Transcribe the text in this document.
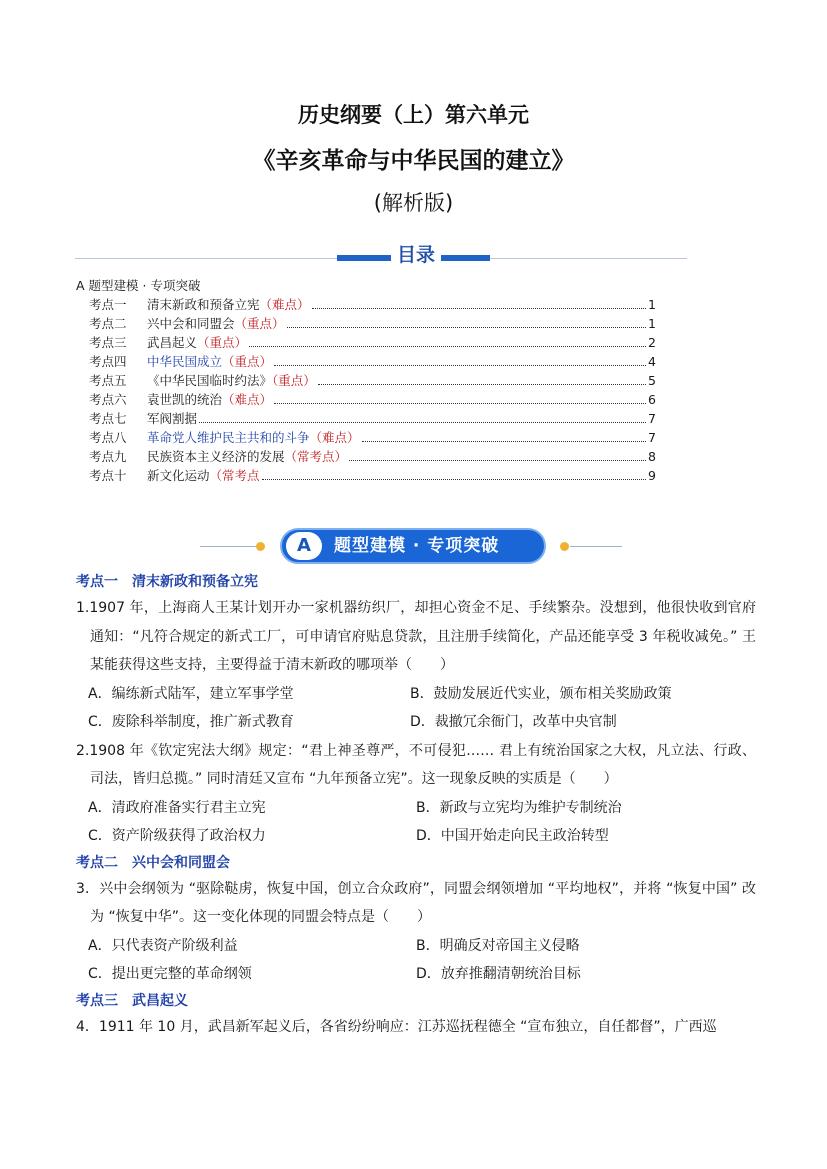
历史纲要（上）第六单元
《辛亥革命与中华民国的建立》
(解析版)
目录
A 题型建模 · 专项突破
考点一 清末新政和预备立宪（难点）	1
考点二 兴中会和同盟会（重点）	1
考点三 武昌起义（重点）	2
考点四 中华民国成立（重点）	4
考点五 《中华民国临时约法》（重点）	5
考点六 袁世凯的统治（难点）	6
考点七 军阀割据	7
考点八 革命党人维护民主共和的斗争（难点）	7
考点九 民族资本主义经济的发展（常考点）	8
考点十 新文化运动（常考点	9
A	题型建模 · 专项突破
考点一　清末新政和预备立宪
1.1907 年，上海商人王某计划开办一家机器纺织厂，却担心资金不足、手续繁杂。没想到，他很快收到官府通知：“凡符合规定的新式工厂，可申请官府贴息贷款，且注册手续简化，产品还能享受 3 年税收减免。” 王某能获得这些支持，主要得益于清末新政的哪项举（　　）
A．编练新式陆军，建立军事学堂	B．鼓励发展近代实业，颁布相关奖励政策
C．废除科举制度，推广新式教育	D．裁撤冗余衙门，改革中央官制
2.1908 年《钦定宪法大纲》规定：“君上神圣尊严，不可侵犯…… 君上有统治国家之大权，凡立法、行政、司法，皆归总揽。” 同时清廷又宣布 “九年预备立宪”。这一现象反映的实质是（　　）
A．清政府准备实行君主立宪	B．新政与立宪均为维护专制统治
C．资产阶级获得了政治权力	D．中国开始走向民主政治转型
考点二　兴中会和同盟会
3．兴中会纲领为 “驱除鞑虏，恢复中国，创立合众政府”，同盟会纲领增加 “平均地权”，并将 “恢复中国” 改为 “恢复中华”。这一变化体现的同盟会特点是（　　）
A．只代表资产阶级利益	B．明确反对帝国主义侵略
C．提出更完整的革命纲领	D．放弃推翻清朝统治目标
考点三　武昌起义
4．1911 年 10 月，武昌新军起义后，各省纷纷响应：江苏巡抚程德全 “宣布独立，自任都督”，广西巡
